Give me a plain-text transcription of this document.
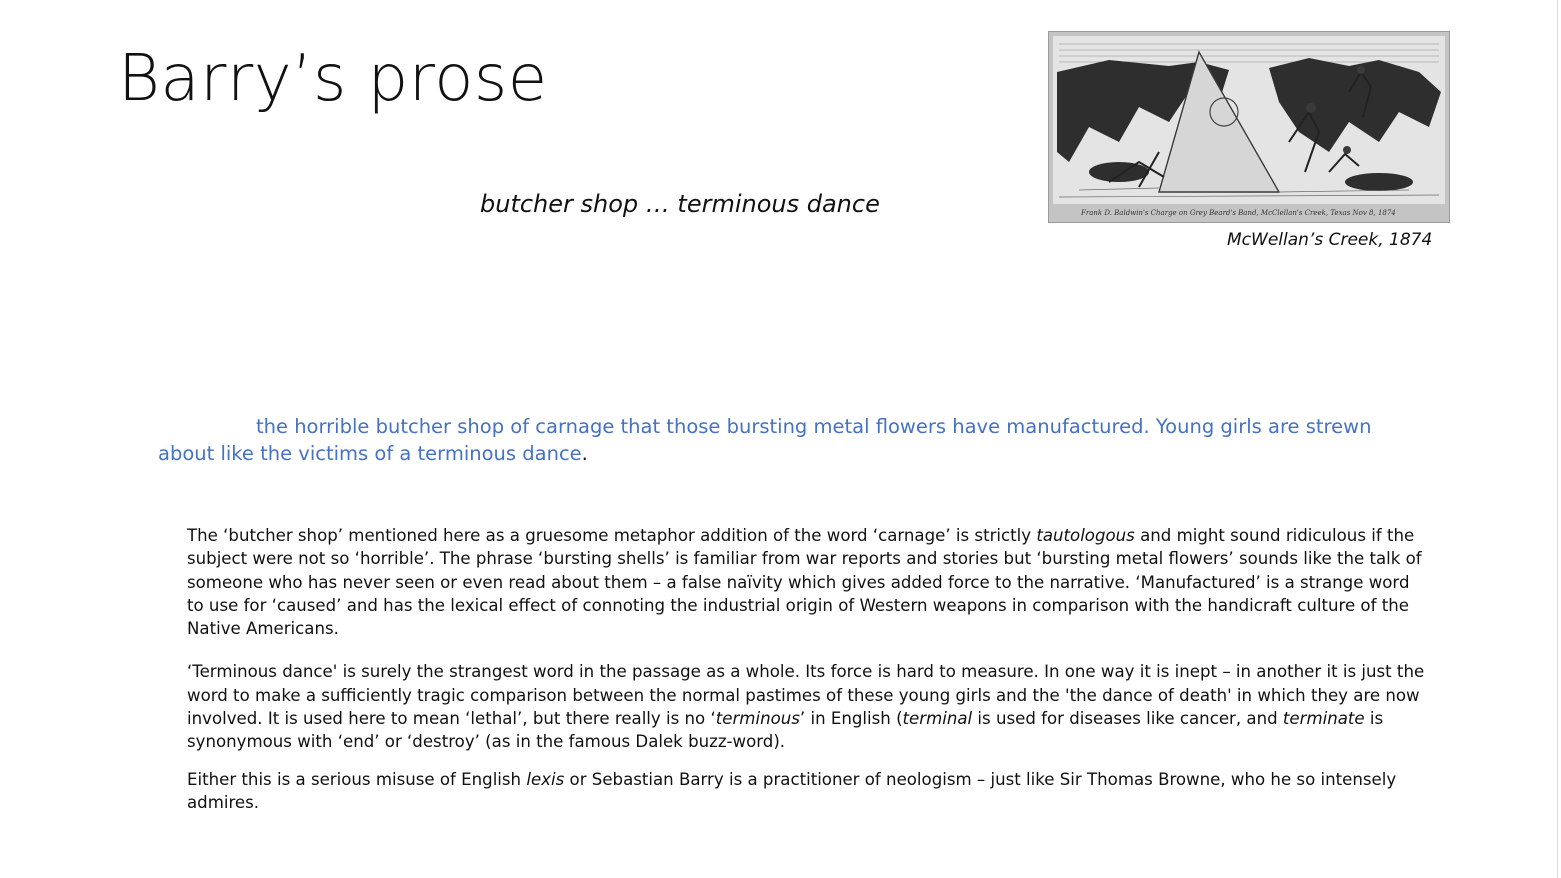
Barry’s prose
butcher shop … terminous dance	Frank D. Baldwin's Charge on Grey Beard's Band, McClellan's Creek, Texas Nov 8, 1874
McWellan’s Creek, 1874
the horrible butcher shop of carnage that those bursting metal flowers have manufactured. Young girls are strewn about like the victims of a terminous dance.

The ‘butcher shop’ mentioned here as a gruesome metaphor addition of the word ‘carnage’ is strictly tautologous and might sound ridiculous if the subject were not so ‘horrible’. The phrase ‘bursting shells’ is familiar from war reports and stories but ‘bursting metal flowers’ sounds like the talk of someone who has never seen or even read about them – a false naïvity which gives added force to the narrative. ‘Manufactured’ is a strange word to use for ‘caused’ and has the lexical effect of connoting the industrial origin of Western weapons in comparison with the handicraft culture of the Native Americans.

‘Terminous dance' is surely the strangest word in the passage as a whole. Its force is hard to measure. In one way it is inept – in another it is just the word to make a sufficiently tragic comparison between the normal pastimes of these young girls and the 'the dance of death' in which they are now involved. It is used here to mean ‘lethal’, but there really is no ‘terminous’ in English (terminal is used for diseases like cancer, and terminate is synonymous with ‘end’ or ‘destroy’ (as in the famous Dalek buzz-word).

Either this is a serious misuse of English lexis or Sebastian Barry is a practitioner of neologism – just like Sir Thomas Browne, who he so intensely admires.
